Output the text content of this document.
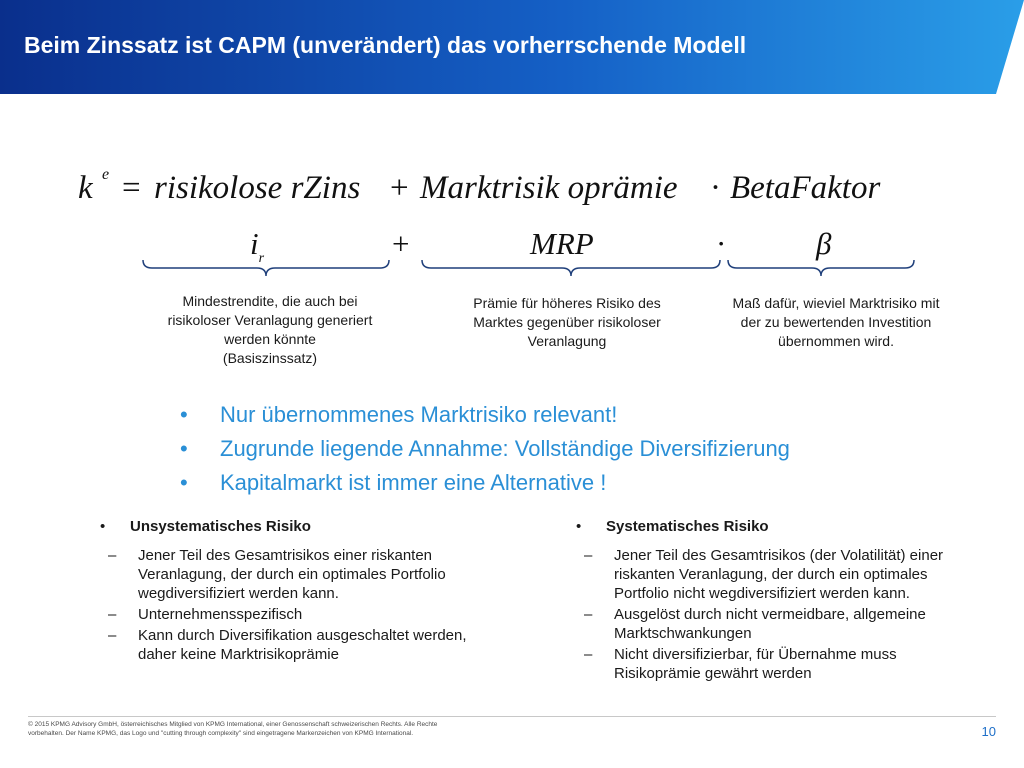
Beim Zinssatz ist CAPM (unverändert) das vorherrschende Modell
k e = risikolose rZins + Marktrisik oprämie · BetaFaktor
$i_r$	+	MRP	·	β
Mindestrendite, die auch bei
risikoloser Veranlagung generiert
werden könnte
(Basiszinssatz)
Prämie für höheres Risiko des
Marktes gegenüber risikoloser
Veranlagung
Maß dafür, wieviel Marktrisiko mit
der zu bewertenden Investition
übernommen wird.
• Nur übernommenes Marktrisiko relevant!
• Zugrunde liegende Annahme: Vollständige Diversifizierung
• Kapitalmarkt ist immer eine Alternative !
• Unsystematisches Risiko
– Jener Teil des Gesamtrisikos einer riskanten Veranlagung, der durch ein optimales Portfolio wegdiversifiziert werden kann.
– Unternehmensspezifisch
– Kann durch Diversifikation ausgeschaltet werden, daher keine Marktrisikoprämie
• Systematisches Risiko
– Jener Teil des Gesamtrisikos (der Volatilität) einer riskanten Veranlagung, der durch ein optimales Portfolio nicht wegdiversifiziert werden kann.
– Ausgelöst durch nicht vermeidbare, allgemeine Marktschwankungen
– Nicht diversifizierbar, für Übernahme muss Risikoprämie gewährt werden
© 2015 KPMG Advisory GmbH, österreichisches Mitglied von KPMG International, einer Genossenschaft schweizerischen Rechts. Alle Rechte vorbehalten. Der Name KPMG, das Logo und "cutting through complexity" sind eingetragene Markenzeichen von KPMG International.	10
